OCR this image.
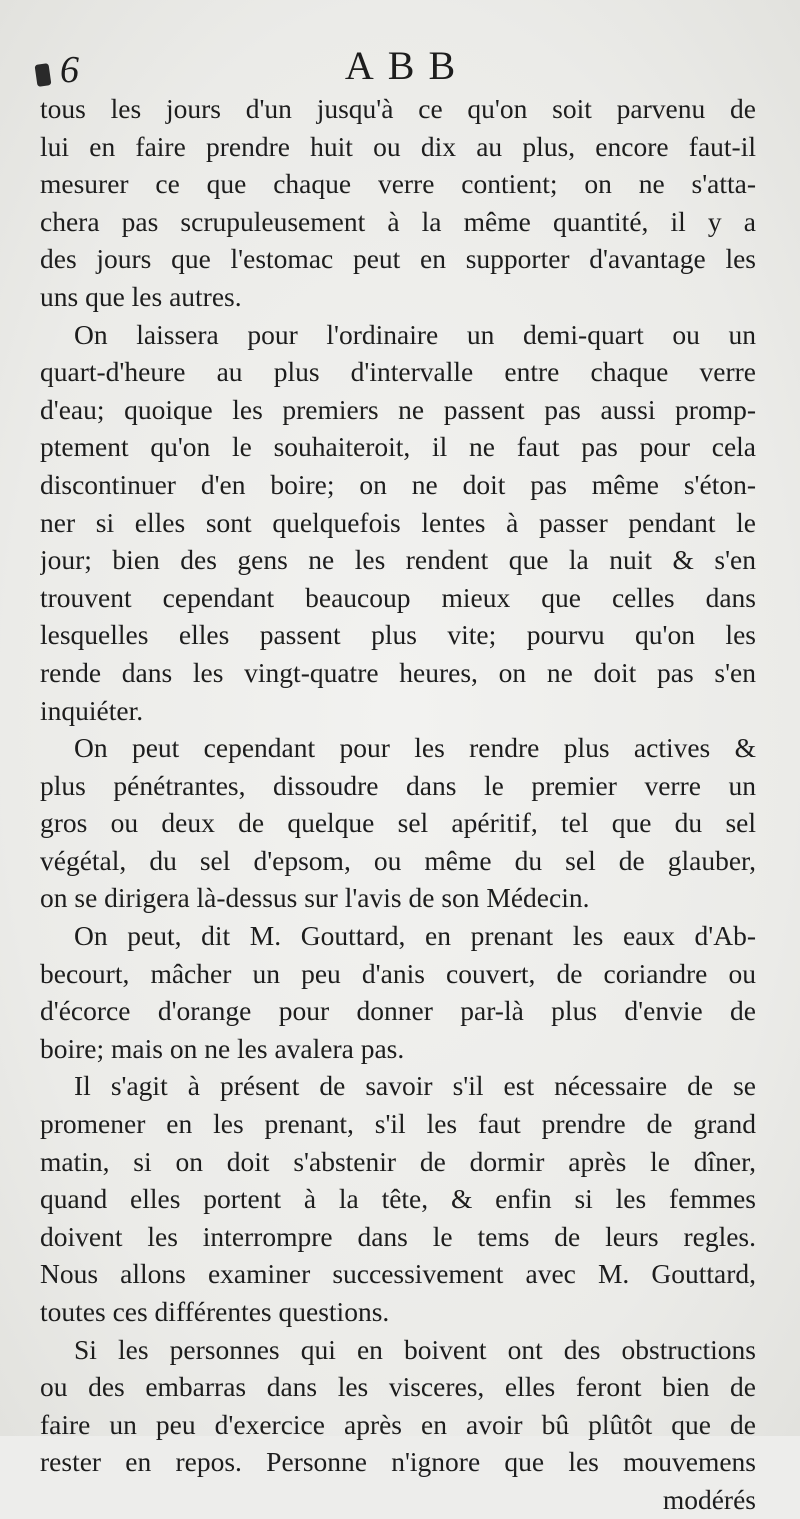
6	ABB
tous les jours d'un jusqu'à ce qu'on soit parvenu de
lui en faire prendre huit ou dix au plus, encore faut-il
mesurer ce que chaque verre contient; on ne s'atta-
chera pas scrupuleusement à la même quantité, il y a
des jours que l'estomac peut en supporter d'avantage les
uns que les autres.
On laissera pour l'ordinaire un demi-quart ou un
quart-d'heure au plus d'intervalle entre chaque verre
d'eau; quoique les premiers ne passent pas aussi promp-
ptement qu'on le souhaiteroit, il ne faut pas pour cela
discontinuer d'en boire; on ne doit pas même s'éton-
ner si elles sont quelquefois lentes à passer pendant le
jour; bien des gens ne les rendent que la nuit & s'en
trouvent cependant beaucoup mieux que celles dans
lesquelles elles passent plus vite; pourvu qu'on les
rende dans les vingt-quatre heures, on ne doit pas s'en
inquiéter.
On peut cependant pour les rendre plus actives &
plus pénétrantes, dissoudre dans le premier verre un
gros ou deux de quelque sel apéritif, tel que du sel
végétal, du sel d'epsom, ou même du sel de glauber,
on se dirigera là-dessus sur l'avis de son Médecin.
On peut, dit M. Gouttard, en prenant les eaux d'Ab-
becourt, mâcher un peu d'anis couvert, de coriandre ou
d'écorce d'orange pour donner par-là plus d'envie de
boire; mais on ne les avalera pas.
Il s'agit à présent de savoir s'il est nécessaire de se
promener en les prenant, s'il les faut prendre de grand
matin, si on doit s'abstenir de dormir après le dîner,
quand elles portent à la tête, & enfin si les femmes
doivent les interrompre dans le tems de leurs regles.
Nous allons examiner successivement avec M. Gouttard,
toutes ces différentes questions.
Si les personnes qui en boivent ont des obstructions
ou des embarras dans les visceres, elles feront bien de
faire un peu d'exercice après en avoir bû plûtôt que de
rester en repos. Personne n'ignore que les mouvemens
modérés
